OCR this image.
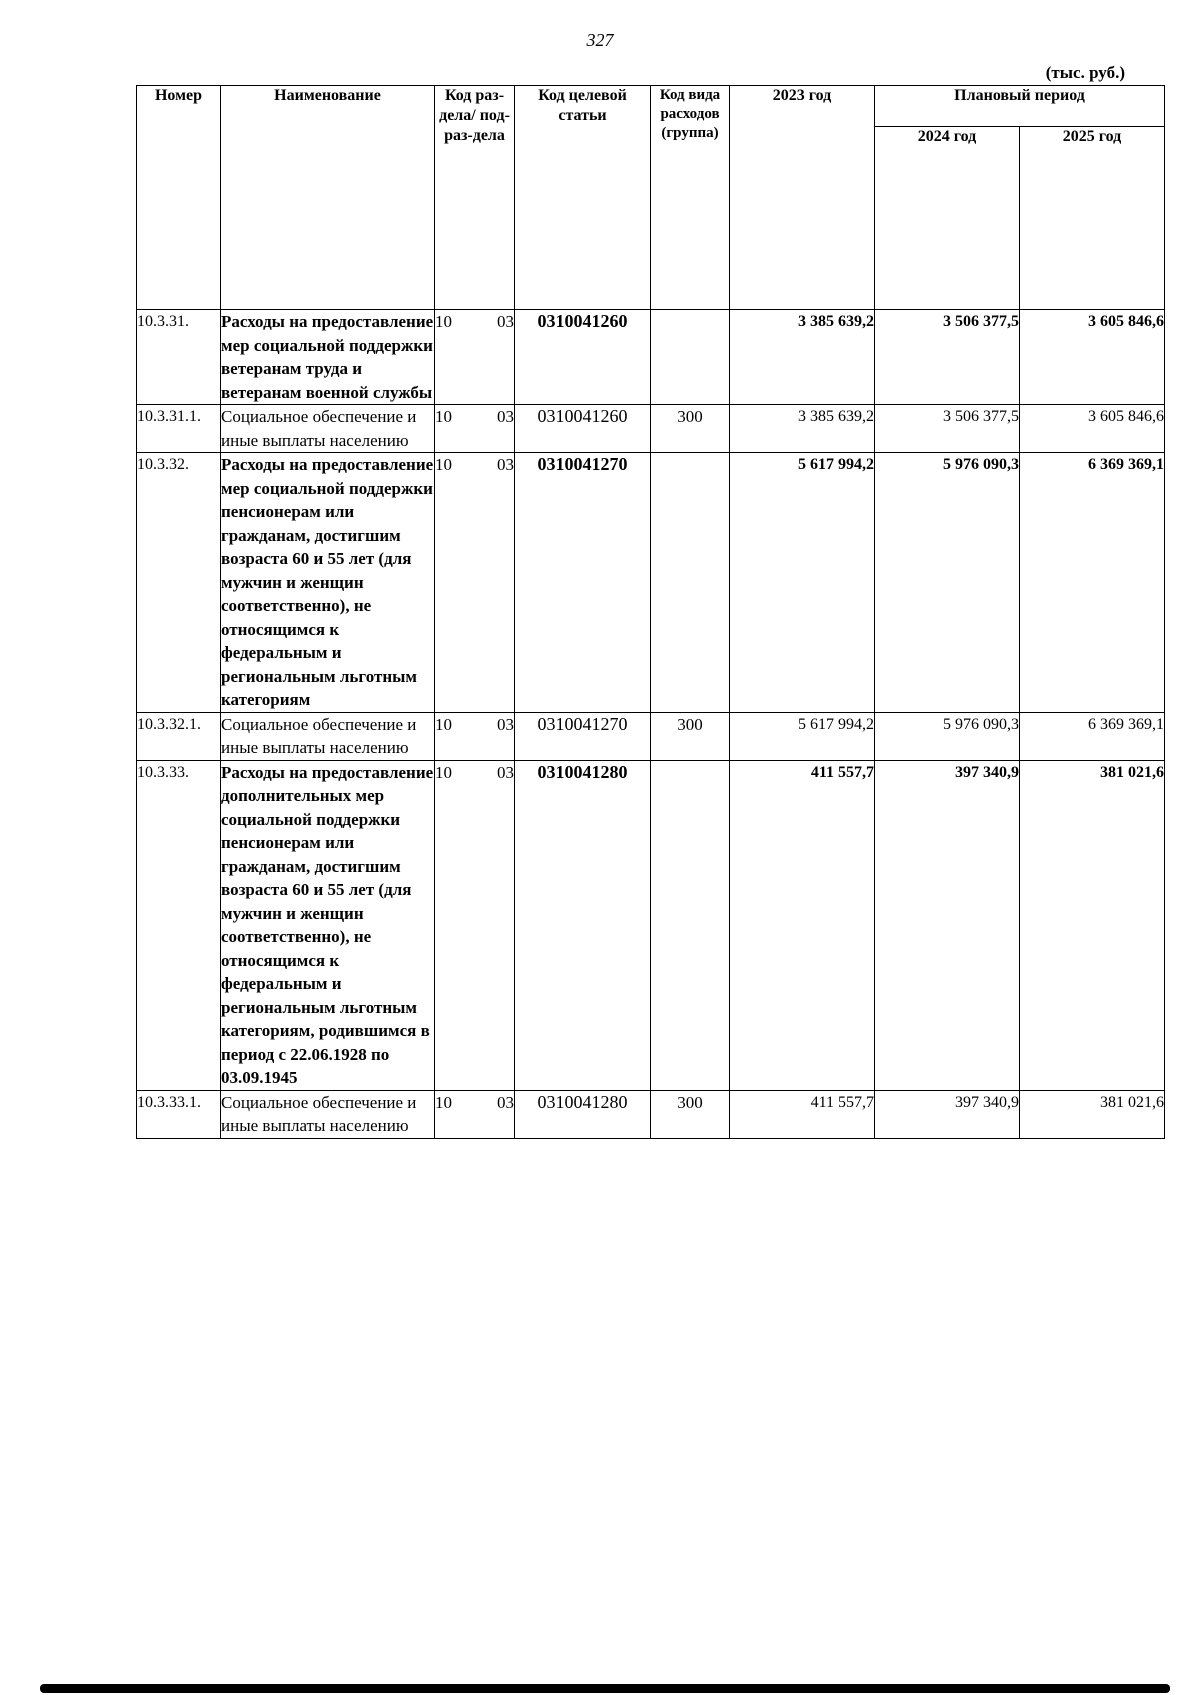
327
(тыс. руб.)
Номер	Наименование	Код раз-дела/ под-раз-дела	Код целевой статьи	Код вида расходов (группа)	2023 год	Плановый период	
						2024 год	2025 год
10.3.31.	Расходы на предоставление мер социальной поддержки ветеранам труда и ветеранам военной службы	10 03	0310041260		3 385 639,2	3 506 377,5	3 605 846,6
10.3.31.1.	Социальное обеспечение и иные выплаты населению	10 03	0310041260	300	3 385 639,2	3 506 377,5	3 605 846,6
10.3.32.	Расходы на предоставление мер социальной поддержки пенсионерам или гражданам, достигшим возраста 60 и 55 лет (для мужчин и женщин соответственно), не относящимся к федеральным и региональным льготным категориям	10 03	0310041270		5 617 994,2	5 976 090,3	6 369 369,1
10.3.32.1.	Социальное обеспечение и иные выплаты населению	10 03	0310041270	300	5 617 994,2	5 976 090,3	6 369 369,1
10.3.33.	Расходы на предоставление дополнительных мер социальной поддержки пенсионерам или гражданам, достигшим возраста 60 и 55 лет (для мужчин и женщин соответственно), не относящимся к федеральным и региональным льготным категориям, родившимся в период с 22.06.1928 по 03.09.1945	10 03	0310041280		411 557,7	397 340,9	381 021,6
10.3.33.1.	Социальное обеспечение и иные выплаты населению	10 03	0310041280	300	411 557,7	397 340,9	381 021,6
